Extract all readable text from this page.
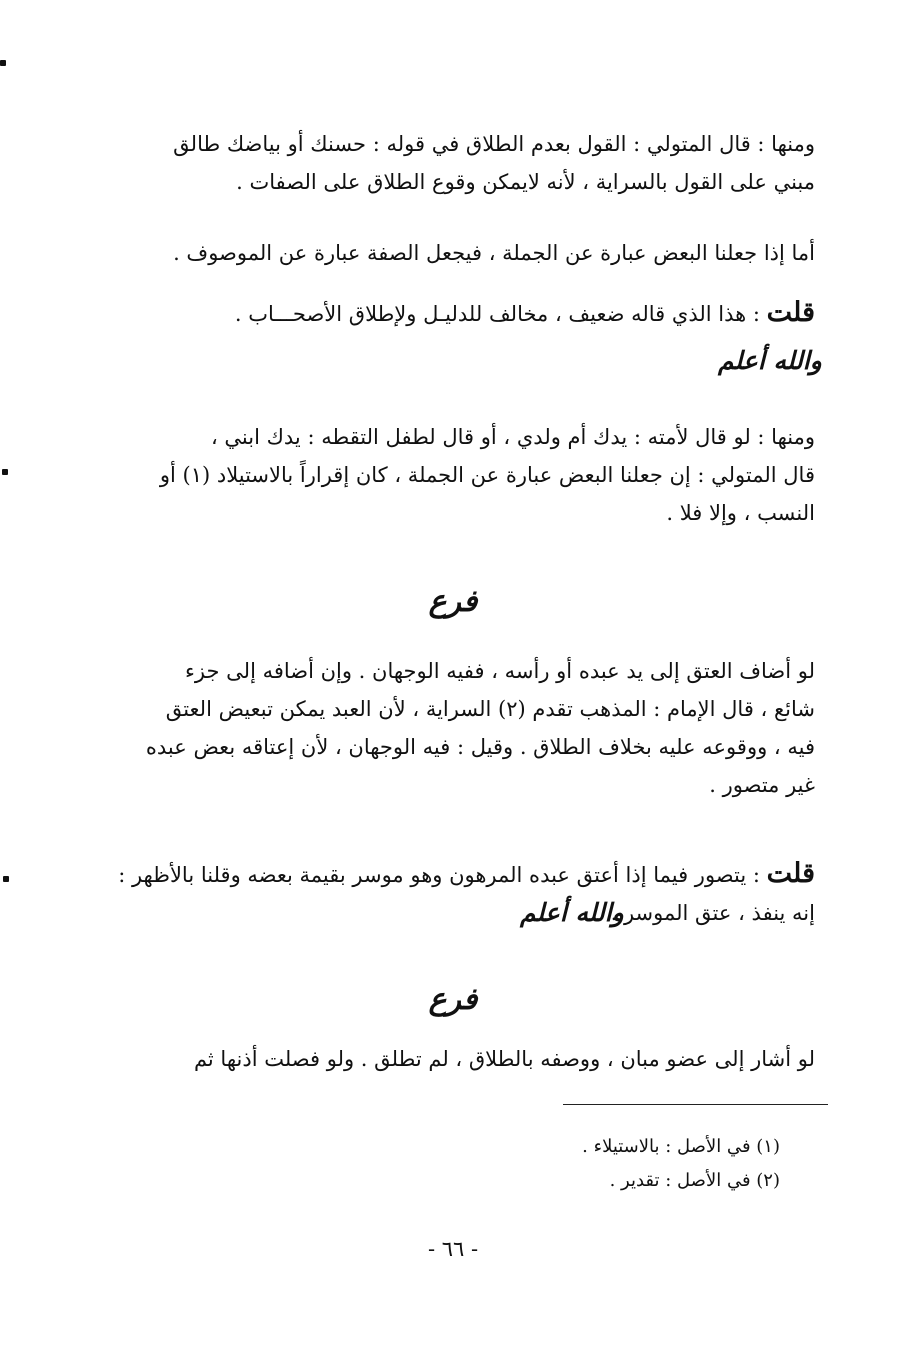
ومنها : قال المتولي : القول بعدم الطلاق في قوله : حسنك أو بياضك طالق
مبني على القول بالسراية ، لأنه لايمكن وقوع الطلاق على الصفات .
أما إذا جعلنا البعض عبارة عن الجملة ، فيجعل الصفة عبارة عن الموصوف .
قلت : هذا الذي قاله ضعيف ، مخالف للدليـل ولإطلاق الأصحـــاب .
والله أعلم
ومنها : لو قال لأمته : يدك أم ولدي ، أو قال لطفل التقطه : يدك ابني ،
قال المتولي : إن جعلنا البعض عبارة عن الجملة ، كان إقراراً بالاستيلاد (١) أو
النسب ، وإلا فلا .
فرع
لو أضاف العتق إلى يد عبده أو رأسه ، ففيه الوجهان . وإن أضافه إلى جزء
شائع ، قال الإمام : المذهب تقدم (٢) السراية ، لأن العبد يمكن تبعيض العتق
فيه ، ووقوعه عليه بخلاف الطلاق . وقيل : فيه الوجهان ، لأن إعتاقه بعض عبده
غير متصور .
قلت : يتصور فيما إذا أعتق عبده المرهون وهو موسر بقيمة بعضه وقلنا بالأظهر :
إنه ينفذ ، عتق الموسر .
والله أعلم
فرع
لو أشار إلى عضو مبان ، ووصفه بالطلاق ، لم تطلق . ولو فصلت أذنها ثم
(١) في الأصل : بالاستيلاء .
(٢) في الأصل : تقدير .
- ٦٦ -
